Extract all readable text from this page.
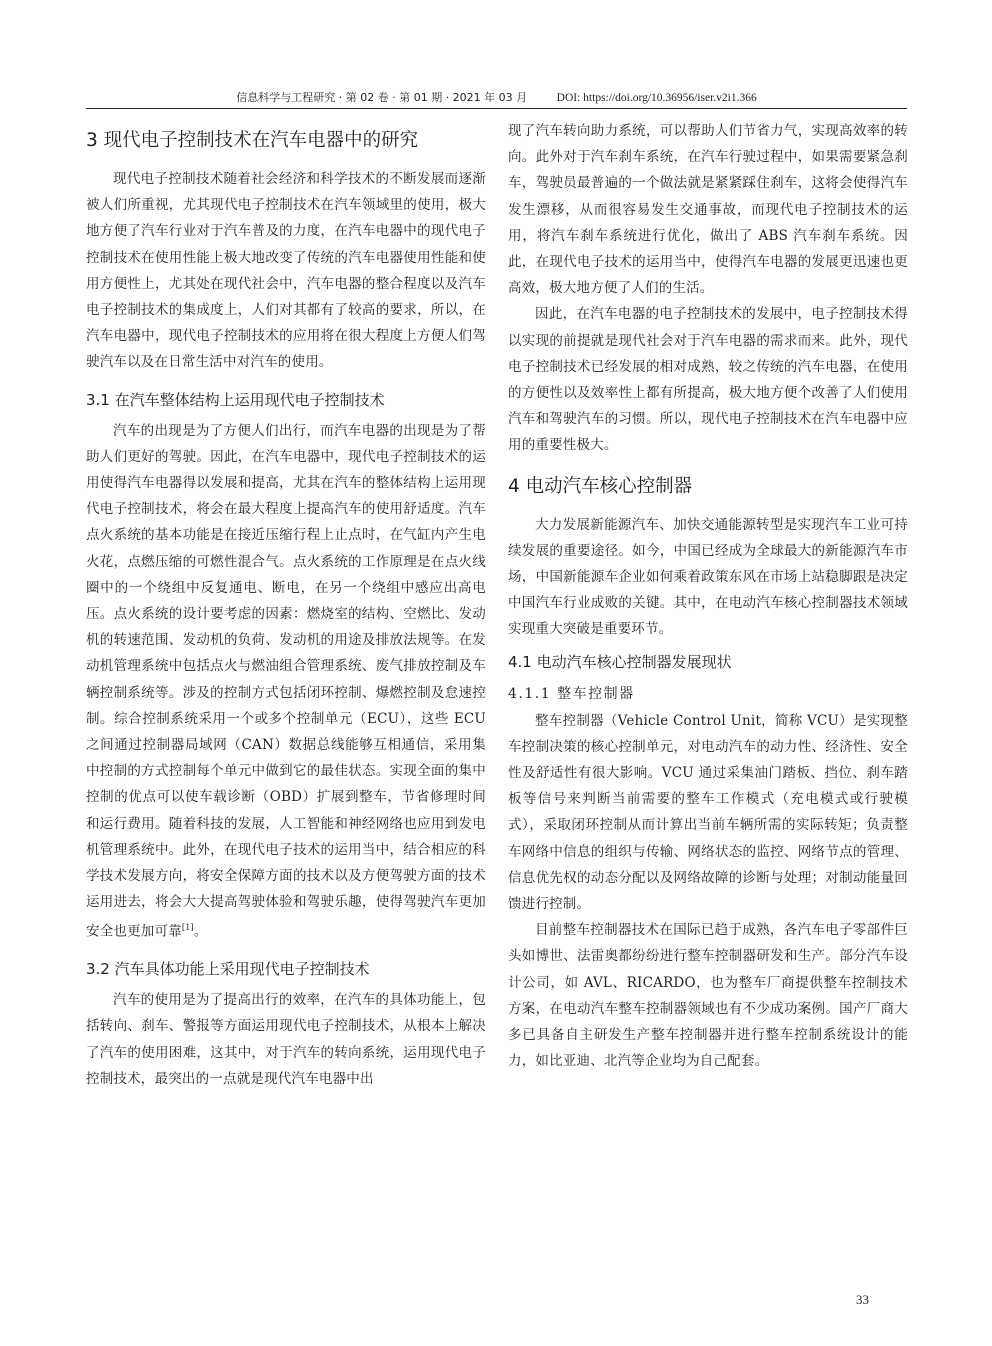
信息科学与工程研究 · 第 02 卷 · 第 01 期 · 2021 年 03 月	DOI: https://doi.org/10.36956/iser.v2i1.366
3 现代电子控制技术在汽车电器中的研究

现代电子控制技术随着社会经济和科学技术的不断发展而逐渐被人们所重视，尤其现代电子控制技术在汽车领域里的使用，极大地方便了汽车行业对于汽车普及的力度，在汽车电器中的现代电子控制技术在使用性能上极大地改变了传统的汽车电器使用性能和使用方便性上，尤其处在现代社会中，汽车电器的整合程度以及汽车电子控制技术的集成度上，人们对其都有了较高的要求，所以，在汽车电器中，现代电子控制技术的应用将在很大程度上方便人们驾驶汽车以及在日常生活中对汽车的使用。

3.1 在汽车整体结构上运用现代电子控制技术

汽车的出现是为了方便人们出行，而汽车电器的出现是为了帮助人们更好的驾驶。因此，在汽车电器中，现代电子控制技术的运用使得汽车电器得以发展和提高，尤其在汽车的整体结构上运用现代电子控制技术，将会在最大程度上提高汽车的使用舒适度。汽车点火系统的基本功能是在接近压缩行程上止点时，在气缸内产生电火花，点燃压缩的可燃性混合气。点火系统的工作原理是在点火线圈中的一个绕组中反复通电、断电，在另一个绕组中感应出高电压。点火系统的设计要考虑的因素：燃烧室的结构、空燃比、发动机的转速范围、发动机的负荷、发动机的用途及排放法规等。在发动机管理系统中包括点火与燃油组合管理系统、废气排放控制及车辆控制系统等。涉及的控制方式包括闭环控制、爆燃控制及怠速控制。综合控制系统采用一个或多个控制单元（ECU），这些 ECU 之间通过控制器局域网（CAN）数据总线能够互相通信，采用集中控制的方式控制每个单元中做到它的最佳状态。实现全面的集中控制的优点可以使车载诊断（OBD）扩展到整车，节省修理时间和运行费用。随着科技的发展，人工智能和神经网络也应用到发电机管理系统中。此外，在现代电子技术的运用当中，结合相应的科学技术发展方向，将安全保障方面的技术以及方便驾驶方面的技术运用进去，将会大大提高驾驶体验和驾驶乐趣，使得驾驶汽车更加安全也更加可靠[1]。

3.2 汽车具体功能上采用现代电子控制技术

汽车的使用是为了提高出行的效率，在汽车的具体功能上，包括转向、刹车、警报等方面运用现代电子控制技术，从根本上解决了汽车的使用困难，这其中，对于汽车的转向系统，运用现代电子控制技术，最突出的一点就是现代汽车电器中出

现了汽车转向助力系统，可以帮助人们节省力气，实现高效率的转向。此外对于汽车刹车系统，在汽车行驶过程中，如果需要紧急刹车，驾驶员最普遍的一个做法就是紧紧踩住刹车，这将会使得汽车发生漂移，从而很容易发生交通事故，而现代电子控制技术的运用，将汽车刹车系统进行优化，做出了 ABS 汽车刹车系统。因此，在现代电子技术的运用当中，使得汽车电器的发展更迅速也更高效，极大地方便了人们的生活。

因此，在汽车电器的电子控制技术的发展中，电子控制技术得以实现的前提就是现代社会对于汽车电器的需求而来。此外，现代电子控制技术已经发展的相对成熟，较之传统的汽车电器，在使用的方便性以及效率性上都有所提高，极大地方便个改善了人们使用汽车和驾驶汽车的习惯。所以，现代电子控制技术在汽车电器中应用的重要性极大。

4 电动汽车核心控制器

大力发展新能源汽车、加快交通能源转型是实现汽车工业可持续发展的重要途径。如今，中国已经成为全球最大的新能源汽车市场，中国新能源车企业如何乘着政策东风在市场上站稳脚跟是决定中国汽车行业成败的关键。其中，在电动汽车核心控制器技术领域实现重大突破是重要环节。

4.1 电动汽车核心控制器发展现状
4.1.1 整车控制器

整车控制器（Vehicle Control Unit，简称 VCU）是实现整车控制决策的核心控制单元，对电动汽车的动力性、经济性、安全性及舒适性有很大影响。VCU 通过采集油门踏板、挡位、刹车踏板等信号来判断当前需要的整车工作模式（充电模式或行驶模式），采取闭环控制从而计算出当前车辆所需的实际转矩；负责整车网络中信息的组织与传输、网络状态的监控、网络节点的管理、信息优先权的动态分配以及网络故障的诊断与处理；对制动能量回馈进行控制。

目前整车控制器技术在国际已趋于成熟，各汽车电子零部件巨头如博世、法雷奥都纷纷进行整车控制器研发和生产。部分汽车设计公司，如 AVL、RICARDO，也为整车厂商提供整车控制技术方案，在电动汽车整车控制器领域也有不少成功案例。国产厂商大多已具备自主研发生产整车控制器并进行整车控制系统设计的能力，如比亚迪、北汽等企业均为自己配套。

33
